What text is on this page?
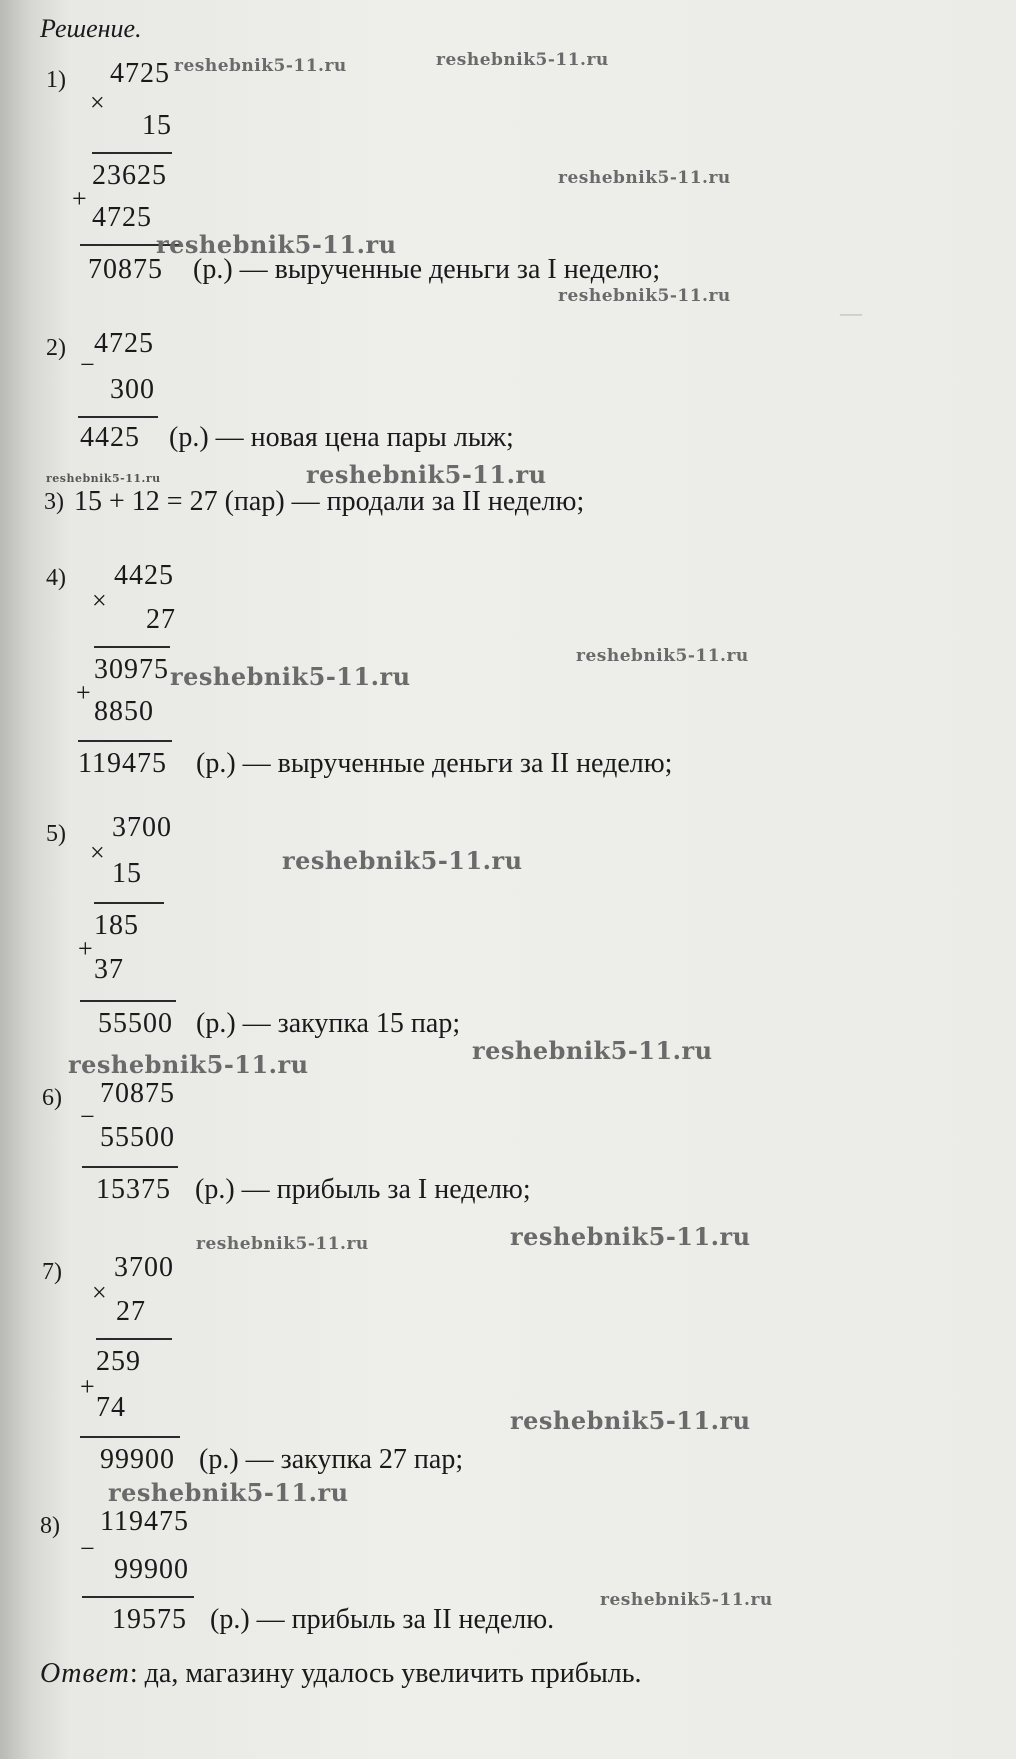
—
Решение.
1) 4725
×
15
23625
+
4725
70875 (р.) — вырученные деньги за I неделю;
2) 4725
−
300
4425 (р.) — новая цена пары лыж;
3) 15 + 12 = 27 (пар) — продали за II неделю;
4) 4425
×
27
30975
+
8850
119475 (р.) — вырученные деньги за II неделю;
5) 3700
×
15
185
+
37
55500 (р.) — закупка 15 пар;
6) 70875
−
55500
15375 (р.) — прибыль за I неделю;
7) 3700
×
27
259
+
74
99900 (р.) — закупка 27 пар;
8) 119475
−
99900
19575 (р.) — прибыль за II неделю.
Ответ: да, магазину удалось увеличить прибыль.
reshebnik5-11.ru	reshebnik5-11.ru
reshebnik5-11.ru
reshebnik5-11.ru
reshebnik5-11.ru
reshebnik5-11.ru	reshebnik5-11.ru
reshebnik5-11.ru
reshebnik5-11.ru
reshebnik5-11.ru
reshebnik5-11.ru	reshebnik5-11.ru
reshebnik5-11.ru	reshebnik5-11.ru
reshebnik5-11.ru
reshebnik5-11.ru
reshebnik5-11.ru
